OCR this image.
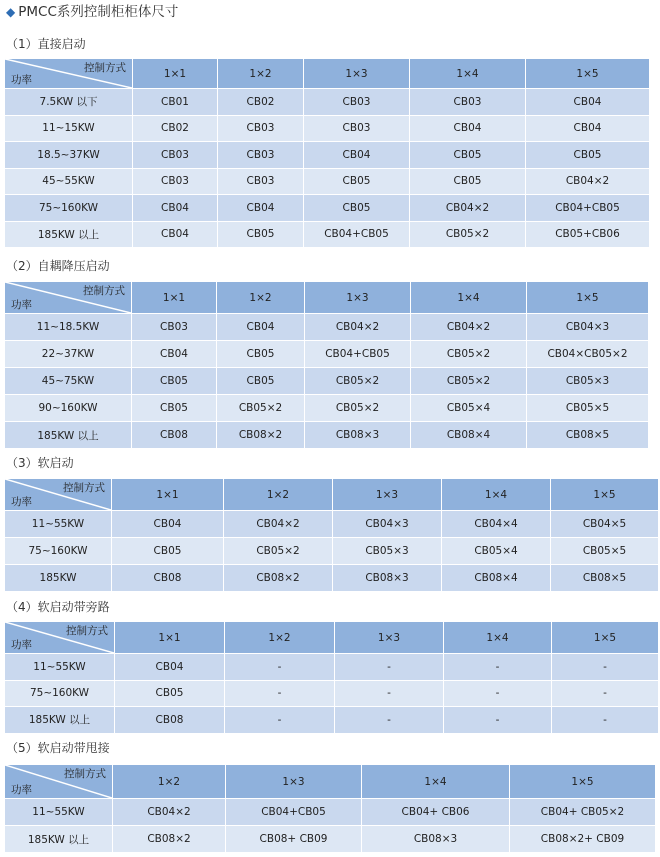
◆ PMCC系列控制柜柜体尺寸
（1）直接启动
控制方式
功率	1×1	1×2	1×3	1×4	1×5
7.5KW 以下	CB01	CB02	CB03	CB03	CB04
11~15KW	CB02	CB03	CB03	CB04	CB04
18.5~37KW	CB03	CB03	CB04	CB05	CB05
45~55KW	CB03	CB03	CB05	CB05	CB04×2
75~160KW	CB04	CB04	CB05	CB04×2	CB04+CB05
185KW 以上	CB04	CB05	CB04+CB05	CB05×2	CB05+CB06
（2）自耦降压启动
控制方式
功率	1×1	1×2	1×3	1×4	1×5
11~18.5KW	CB03	CB04	CB04×2	CB04×2	CB04×3
22~37KW	CB04	CB05	CB04+CB05	CB05×2	CB04×CB05×2
45~75KW	CB05	CB05	CB05×2	CB05×2	CB05×3
90~160KW	CB05	CB05×2	CB05×2	CB05×4	CB05×5
185KW 以上	CB08	CB08×2	CB08×3	CB08×4	CB08×5
（3）软启动
控制方式
功率	1×1	1×2	1×3	1×4	1×5
11~55KW	CB04	CB04×2	CB04×3	CB04×4	CB04×5
75~160KW	CB05	CB05×2	CB05×3	CB05×4	CB05×5
185KW	CB08	CB08×2	CB08×3	CB08×4	CB08×5
（4）软启动带旁路
控制方式
功率	1×1	1×2	1×3	1×4	1×5
11~55KW	CB04	-	-	-	-
75~160KW	CB05	-	-	-	-
185KW 以上	CB08	-	-	-	-
（5）软启动带甩接
控制方式
功率	1×2	1×3	1×4	1×5
11~55KW	CB04×2	CB04+CB05	CB04+ CB06	CB04+ CB05×2
185KW 以上	CB08×2	CB08+ CB09	CB08×3	CB08×2+ CB09
